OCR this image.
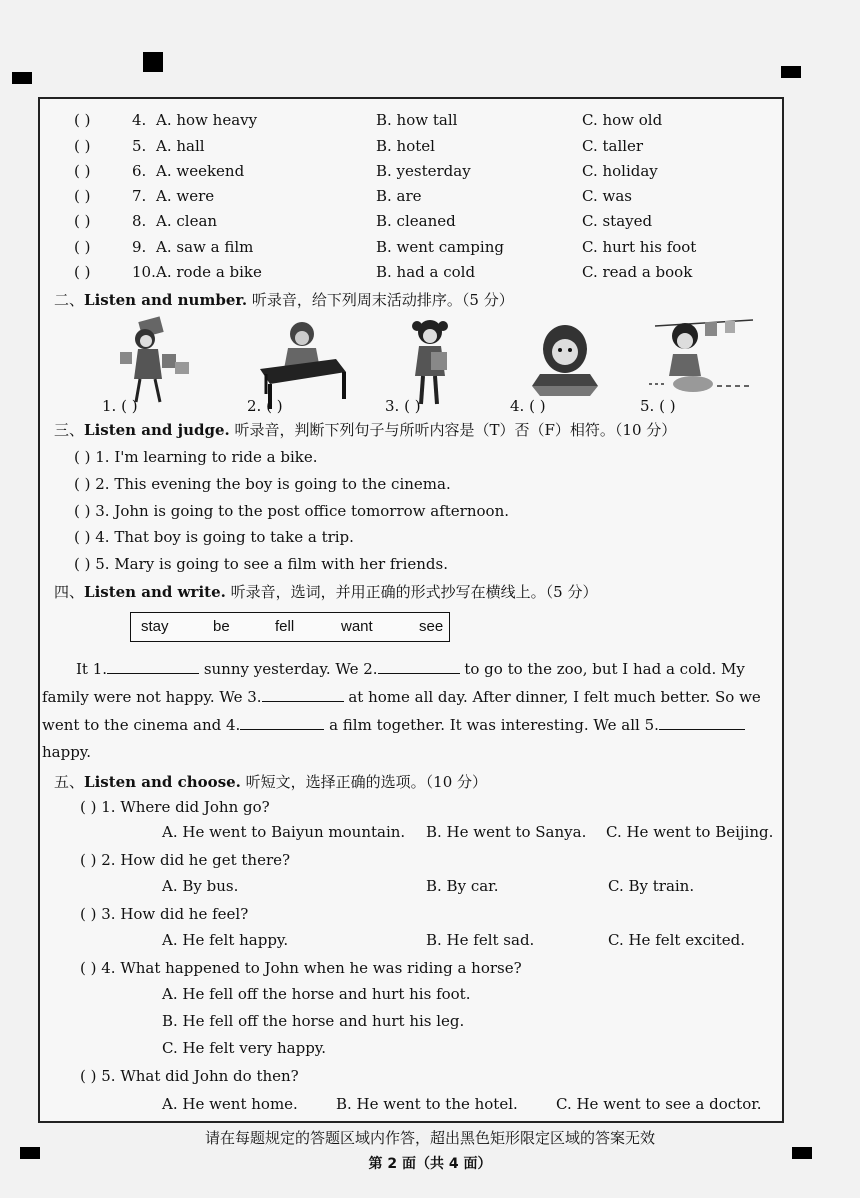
( )	4. A. how heavy	B. how tall	C. how old
( )	5. A. hall	B. hotel	C. taller
( )	6. A. weekend	B. yesterday	C. holiday
( )	7. A. were	B. are	C. was
( )	8. A. clean	B. cleaned	C. stayed
( )	9. A. saw a film	B. went camping	C. hurt his foot
( )	10. A. rode a bike	B. had a cold	C. read a book
二、Listen and number. 听录音，给下列周末活动排序。（5 分）
1. ( )	2. ( )	3. ( )	4. ( )	5. ( )
三、Listen and judge. 听录音，判断下列句子与所听内容是（T）否（F）相符。（10 分）
( ) 1. I'm learning to ride a bike.
( ) 2. This evening the boy is going to the cinema.
( ) 3. John is going to the post office tomorrow afternoon.
( ) 4. That boy is going to take a trip.
( ) 5. Mary is going to see a film with her friends.
四、Listen and write. 听录音，选词，并用正确的形式抄写在横线上。（5 分）
stay	be	fell	want	see
It 1.	sunny yesterday. We 2.	to go to the zoo, but I had a cold. My
family were not happy. We 3.	at home all day. After dinner, I felt much better. So we
went to the cinema and 4.	a film together. It was interesting. We all 5.
happy.
五、Listen and choose. 听短文，选择正确的选项。（10 分）
( ) 1. Where did John go?
A. He went to Baiyun mountain. B. He went to Sanya. C. He went to Beijing.
( ) 2. How did he get there?
A. By bus.	B. By car.	C. By train.
( ) 3. How did he feel?
A. He felt happy.	B. He felt sad.	C. He felt excited.
( ) 4. What happened to John when he was riding a horse?
A. He fell off the horse and hurt his foot.
B. He fell off the horse and hurt his leg.
C. He felt very happy.
( ) 5. What did John do then?
A. He went home.	B. He went to the hotel.	C. He went to see a doctor.
请在每题规定的答题区域内作答，超出黑色矩形限定区域的答案无效
第 2 面（共 4 面）
